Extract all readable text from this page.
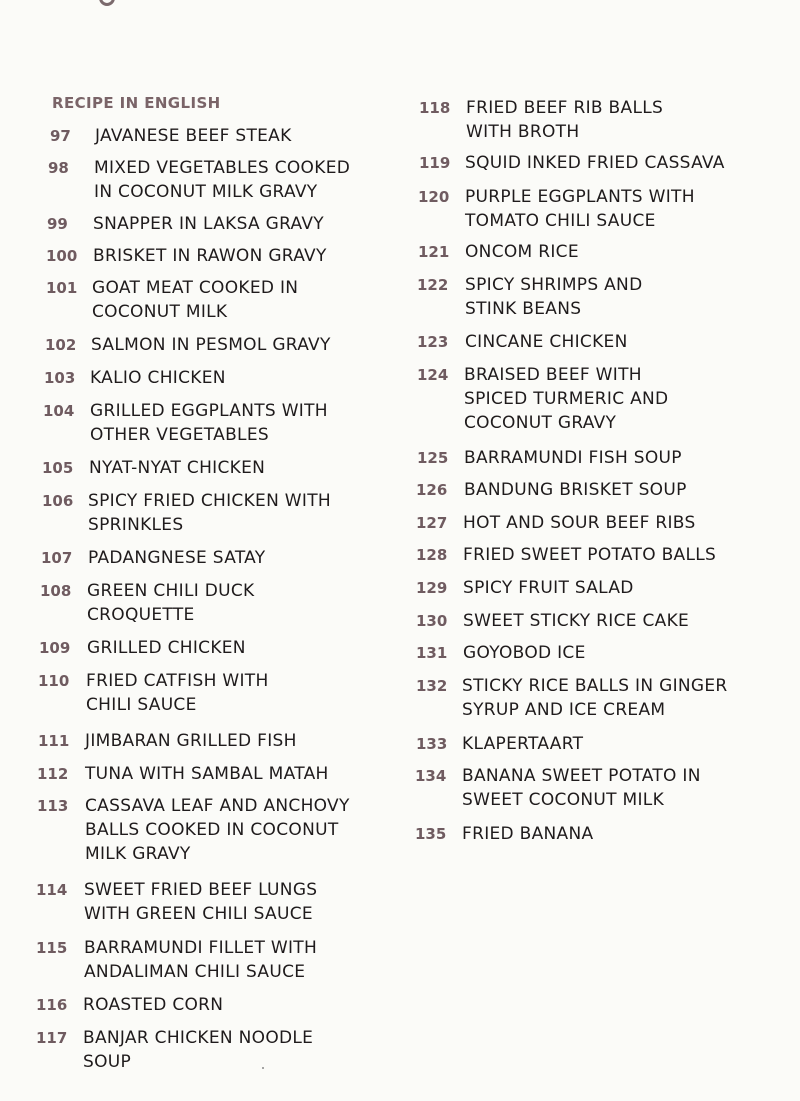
RECIPE IN ENGLISH
97	JAVANESE BEEF STEAK
98	MIXED VEGETABLES COOKED
IN COCONUT MILK GRAVY
99	SNAPPER IN LAKSA GRAVY
100 BRISKET IN RAWON GRAVY
101 GOAT MEAT COOKED IN
COCONUT MILK
102 SALMON IN PESMOL GRAVY
103 KALIO CHICKEN
104 GRILLED EGGPLANTS WITH
OTHER VEGETABLES
105 NYAT-NYAT CHICKEN
106 SPICY FRIED CHICKEN WITH
SPRINKLES
107 PADANGNESE SATAY
108 GREEN CHILI DUCK
CROQUETTE
109 GRILLED CHICKEN
110 FRIED CATFISH WITH
CHILI SAUCE
111 JIMBARAN GRILLED FISH
112 TUNA WITH SAMBAL MATAH
113 CASSAVA LEAF AND ANCHOVY
BALLS COOKED IN COCONUT
MILK GRAVY
114 SWEET FRIED BEEF LUNGS
WITH GREEN CHILI SAUCE
115 BARRAMUNDI FILLET WITH
ANDALIMAN CHILI SAUCE
116 ROASTED CORN
117 BANJAR CHICKEN NOODLE
SOUP
118 FRIED BEEF RIB BALLS
WITH BROTH
119 SQUID INKED FRIED CASSAVA
120 PURPLE EGGPLANTS WITH
TOMATO CHILI SAUCE
121 ONCOM RICE
122 SPICY SHRIMPS AND
STINK BEANS
123 CINCANE CHICKEN
124 BRAISED BEEF WITH
SPICED TURMERIC AND
COCONUT GRAVY
125 BARRAMUNDI FISH SOUP
126 BANDUNG BRISKET SOUP
127 HOT AND SOUR BEEF RIBS
128 FRIED SWEET POTATO BALLS
129 SPICY FRUIT SALAD
130 SWEET STICKY RICE CAKE
131 GOYOBOD ICE
132 STICKY RICE BALLS IN GINGER
SYRUP AND ICE CREAM
133 KLAPERTAART
134 BANANA SWEET POTATO IN
SWEET COCONUT MILK
135 FRIED BANANA
